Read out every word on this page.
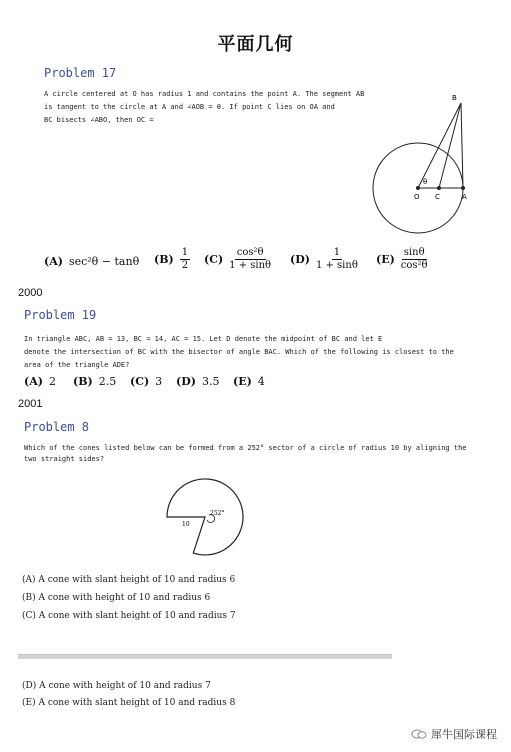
平面几何
Problem 17
A circle centered at O has radius 1 and contains the point A. The segment AB
is tangent to the circle at A and ∠AOB = θ. If point C lies on OA and
BC bisects ∠ABO, then OC =
B
O C	A
θ
(A) sec²θ − tanθ $(B) \frac{1}{2} (C) \frac{\text{cos²θ}}{1 + \sin\theta} (D) \frac{1}{1 + \sin\theta} (E) \frac{\sin\theta}{\text{cos²θ}}$
2000
Problem 19
In triangle ABC, AB = 13, BC = 14, AC = 15. Let D denote the midpoint of BC and let E
denote the intersection of BC with the bisector of angle BAC. Which of the following is closest to the
area of the triangle ADE?
(A) 2 (B) 2.5 (C) 3 (D) 3.5 (E) 4
2001
Problem 8
Which of the cones listed below can be formed from a 252° sector of a circle of radius 10 by aligning the
two straight sides?
252°
10
(A) A cone with slant height of 10 and radius 6
(B) A cone with height of 10 and radius 6
(C) A cone with slant height of 10 and radius 7
(D) A cone with height of 10 and radius 7
(E) A cone with slant height of 10 and radius 8
犀牛国际课程
